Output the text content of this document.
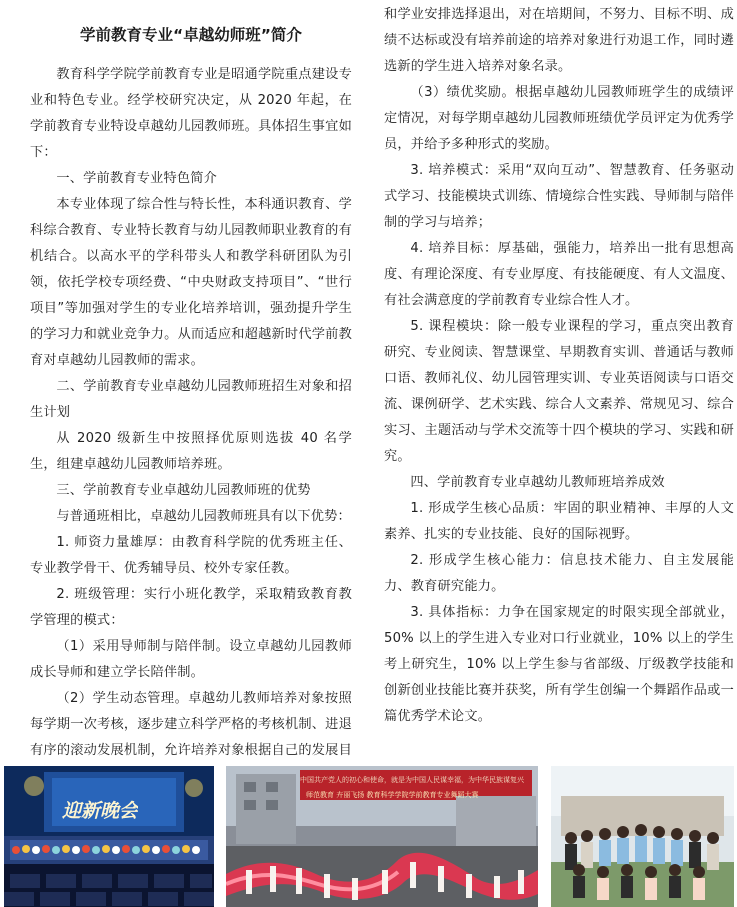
学前教育专业“卓越幼师班”简介

教育科学学院学前教育专业是昭通学院重点建设专业和特色专业。经学校研究决定，从 2020 年起，在学前教育专业特设卓越幼儿园教师班。具体招生事宜如下：

一、学前教育专业特色简介

本专业体现了综合性与特长性，本科通识教育、学科综合教育、专业特长教育与幼儿园教师职业教育的有机结合。以高水平的学科带头人和教学科研团队为引领，依托学校专项经费、“中央财政支持项目”、“世行项目”等加强对学生的专业化培养培训，强劲提升学生的学习力和就业竞争力。从而适应和超越新时代学前教育对卓越幼儿园教师的需求。

二、学前教育专业卓越幼儿园教师班招生对象和招生计划

从 2020 级新生中按照择优原则选拔 40 名学生，组建卓越幼儿园教师培养班。

三、学前教育专业卓越幼儿园教师班的优势

与普通班相比，卓越幼儿园教师班具有以下优势：

1. 师资力量雄厚：由教育科学院的优秀班主任、专业教学骨干、优秀辅导员、校外专家任教。

2. 班级管理：实行小班化教学，采取精致教育教学管理的模式：

（1）采用导师制与陪伴制。设立卓越幼儿园教师成长导师和建立学长陪伴制。

（2）学生动态管理。卓越幼儿教师培养对象按照每学期一次考核，逐步建立科学严格的考核机制、进退有序的滚动发展机制，允许培养对象根据自己的发展目

和学业安排选择退出，对在培期间，不努力、目标不明、成绩不达标或没有培养前途的培养对象进行劝退工作，同时遴选新的学生进入培养对象名录。

（3）绩优奖励。根据卓越幼儿园教师班学生的成绩评定情况，对每学期卓越幼儿园教师班绩优学员评定为优秀学员，并给予多种形式的奖励。

3. 培养模式：采用“双向互动”、智慧教育、任务驱动式学习、技能模块式训练、情境综合性实践、导师制与陪伴制的学习与培养；

4. 培养目标：厚基础，强能力，培养出一批有思想高度、有理论深度、有专业厚度、有技能硬度、有人文温度、有社会满意度的学前教育专业综合性人才。

5. 课程模块：除一般专业课程的学习，重点突出教育研究、专业阅读、智慧课堂、早期教育实训、普通话与教师口语、教师礼仪、幼儿园管理实训、专业英语阅读与口语交流、课例研学、艺术实践、综合人文素养、常规见习、综合实习、主题活动与学术交流等十四个模块的学习、实践和研究。

四、学前教育专业卓越幼儿教师班培养成效

1. 形成学生核心品质：牢固的职业精神、丰厚的人文素养、扎实的专业技能、良好的国际视野。

2. 形成学生核心能力：信息技术能力、自主发展能力、教育研究能力。

3. 具体指标：力争在国家规定的时限实现全部就业，50% 以上的学生进入专业对口行业就业，10% 以上的学生考上研究生，10% 以上学生参与省部级、厅级教学技能和创新创业技能比赛并获奖，所有学生创编一个舞蹈作品或一篇优秀学术论文。

迎新晚会
中国共产党人的初心和使命，就是为中国人民谋幸福，为中华民族谋复兴
师范教育 卉丽飞扬 教育科学学院学前教育专业舞蹈大赛
